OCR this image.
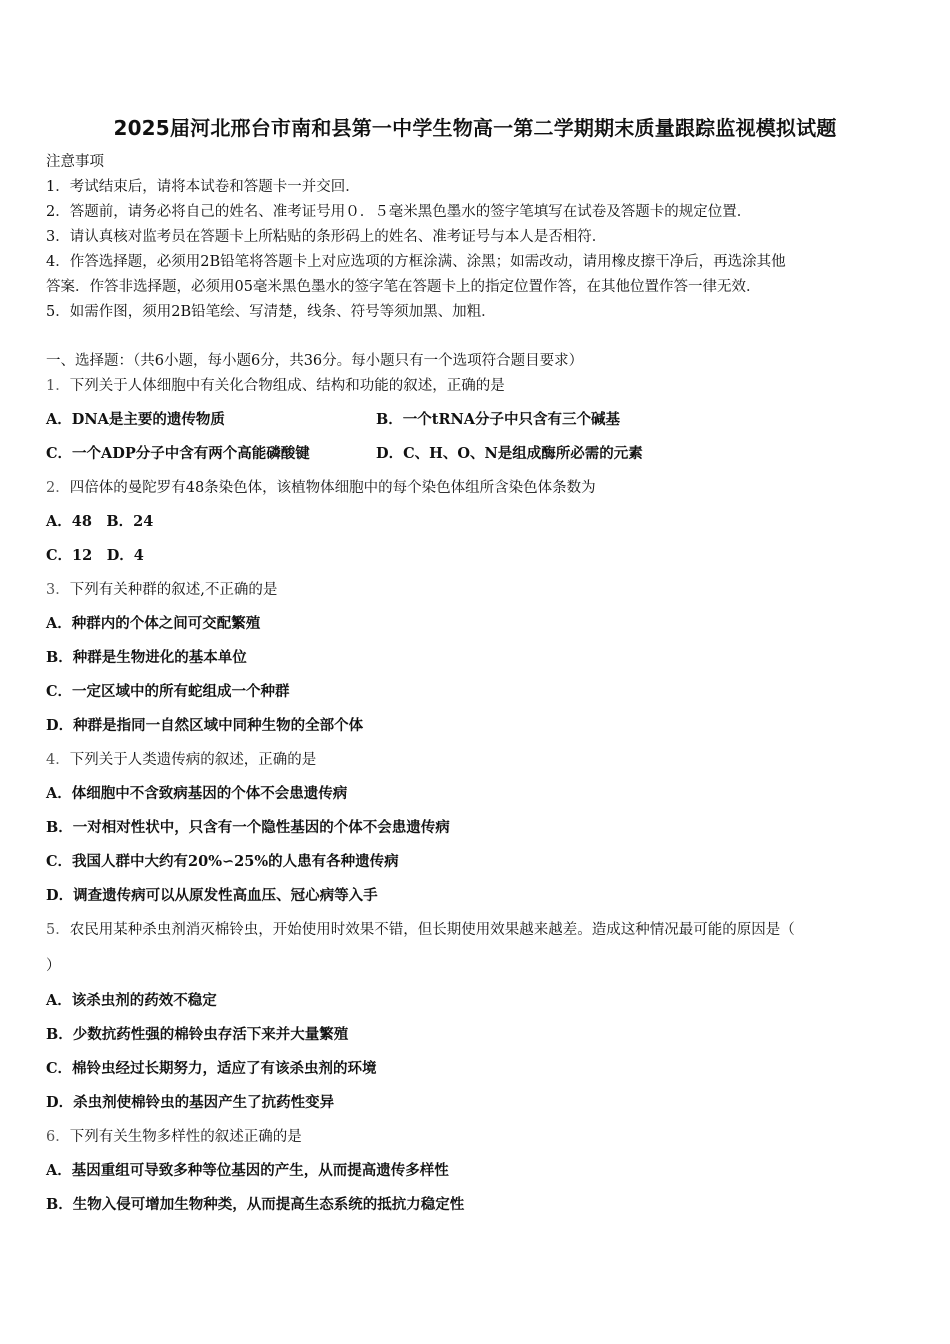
2025届河北邢台市南和县第一中学生物高一第二学期期末质量跟踪监视模拟试题
注意事项
1．考试结束后，请将本试卷和答题卡一并交回．
2．答题前，请务必将自己的姓名、准考证号用０．５毫米黑色墨水的签字笔填写在试卷及答题卡的规定位置．
3．请认真核对监考员在答题卡上所粘贴的条形码上的姓名、准考证号与本人是否相符．
4．作答选择题，必须用2B铅笔将答题卡上对应选项的方框涂满、涂黑；如需改动，请用橡皮擦干净后，再选涂其他
答案．作答非选择题，必须用05毫米黑色墨水的签字笔在答题卡上的指定位置作答，在其他位置作答一律无效．
5．如需作图，须用2B铅笔绘、写清楚，线条、符号等须加黑、加粗．
一、选择题：（共6小题，每小题6分，共36分。每小题只有一个选项符合题目要求）
1．下列关于人体细胞中有关化合物组成、结构和功能的叙述，正确的是
A．DNA是主要的遗传物质	B．一个tRNA分子中只含有三个碱基
C．一个ADP分子中含有两个高能磷酸键	D．C、H、O、N是组成酶所必需的元素
2．四倍体的曼陀罗有48条染色体，该植物体细胞中的每个染色体组所含染色体条数为
A．48　B．24
C．12　D．4
3．下列有关种群的叙述,不正确的是
A．种群内的个体之间可交配繁殖
B．种群是生物进化的基本单位
C．一定区域中的所有蛇组成一个种群
D．种群是指同一自然区域中同种生物的全部个体
4．下列关于人类遗传病的叙述，正确的是
A．体细胞中不含致病基因的个体不会患遗传病
B．一对相对性状中，只含有一个隐性基因的个体不会患遗传病
C．我国人群中大约有20%∽25%的人患有各种遗传病
D．调查遗传病可以从原发性高血压、冠心病等入手
5．农民用某种杀虫剂消灭棉铃虫，开始使用时效果不错，但长期使用效果越来越差。造成这种情况最可能的原因是（
）
A．该杀虫剂的药效不稳定
B．少数抗药性强的棉铃虫存活下来并大量繁殖
C．棉铃虫经过长期努力，适应了有该杀虫剂的环境
D．杀虫剂使棉铃虫的基因产生了抗药性变异
6．下列有关生物多样性的叙述正确的是
A．基因重组可导致多种等位基因的产生，从而提高遗传多样性
B．生物入侵可增加生物种类，从而提高生态系统的抵抗力稳定性
